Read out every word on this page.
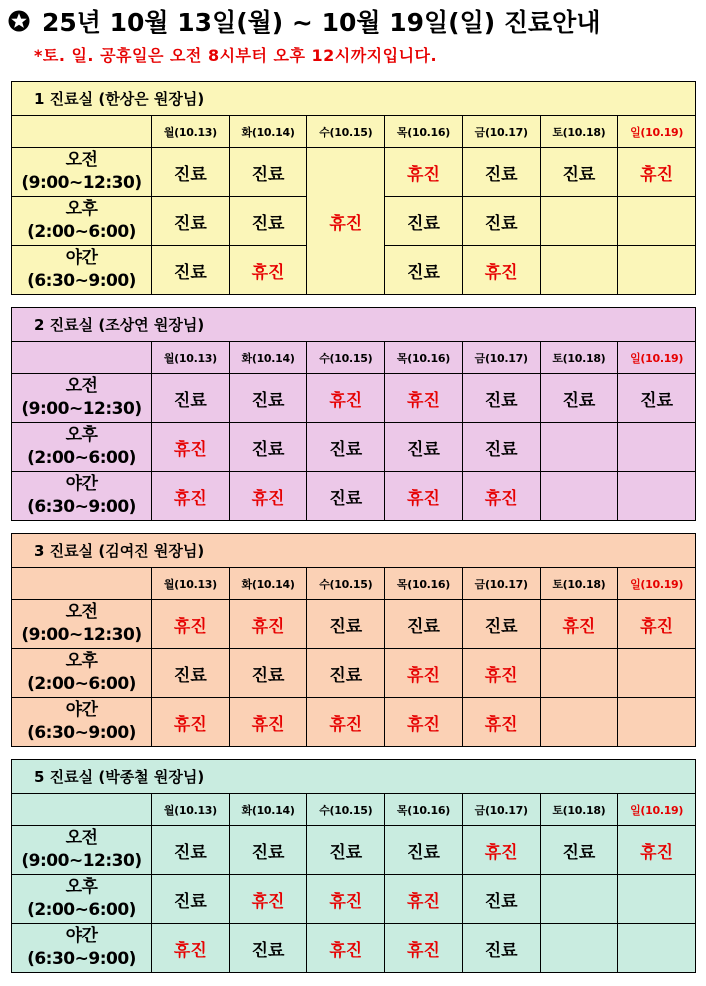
25년 10월 13일(월) ~ 10월 19일(일) 진료안내
*토. 일. 공휴일은 오전 8시부터 오후 12시까지입니다.
1 진료실 (한상은 원장님)							
	월(10.13)	화(10.14)	수(10.15)	목(10.16)	금(10.17)	토(10.18)	일(10.19)

오전
(9:00~12:30)	진료	진료	휴진	휴진	진료	진료	휴진

오후
(2:00~6:00)	진료	진료		진료	진료		

야간
(6:30~9:00)	진료	휴진		진료	휴진		
2 진료실 (조상연 원장님)							
	월(10.13)	화(10.14)	수(10.15)	목(10.16)	금(10.17)	토(10.18)	일(10.19)

오전
(9:00~12:30)	진료	진료	휴진	휴진	진료	진료	진료

오후
(2:00~6:00)	휴진	진료	진료	진료	진료		

야간
(6:30~9:00)	휴진	휴진	진료	휴진	휴진		
3 진료실 (김여진 원장님)							
	월(10.13)	화(10.14)	수(10.15)	목(10.16)	금(10.17)	토(10.18)	일(10.19)

오전
(9:00~12:30)	휴진	휴진	진료	진료	진료	휴진	휴진

오후
(2:00~6:00)	진료	진료	진료	휴진	휴진		

야간
(6:30~9:00)	휴진	휴진	휴진	휴진	휴진		
5 진료실 (박종철 원장님)							
	월(10.13)	화(10.14)	수(10.15)	목(10.16)	금(10.17)	토(10.18)	일(10.19)

오전
(9:00~12:30)	진료	진료	진료	진료	휴진	진료	휴진

오후
(2:00~6:00)	진료	휴진	휴진	휴진	진료		

야간
(6:30~9:00)	휴진	진료	휴진	휴진	진료		
